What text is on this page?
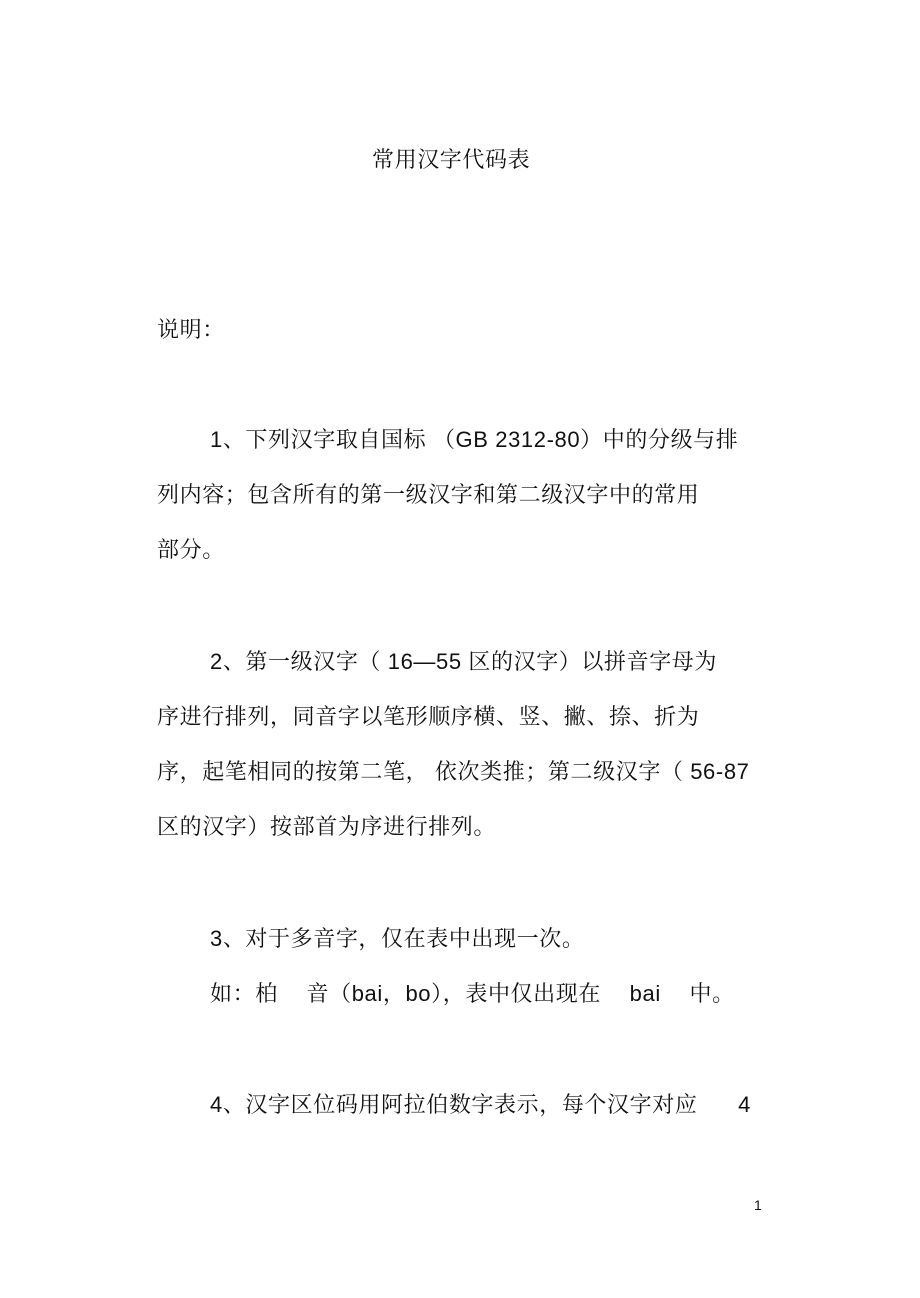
常用汉字代码表
说明：
1、下列汉字取自国标 （GB 2312-80）中的分级与排
列内容；包含所有的第一级汉字和第二级汉字中的常用
部分。
2、第一级汉字（ 16—55 区的汉字）以拼音字母为
序进行排列，同音字以笔形顺序横、竖、撇、捺、折为
序，起笔相同的按第二笔， 依次类推；第二级汉字（ 56-87
区的汉字）按部首为序进行排列。
3、对于多音字，仅在表中出现一次。
如：柏 音（bai，bo），表中仅出现在 bai 中。
4、汉字区位码用阿拉伯数字表示，每个汉字对应 4
1
